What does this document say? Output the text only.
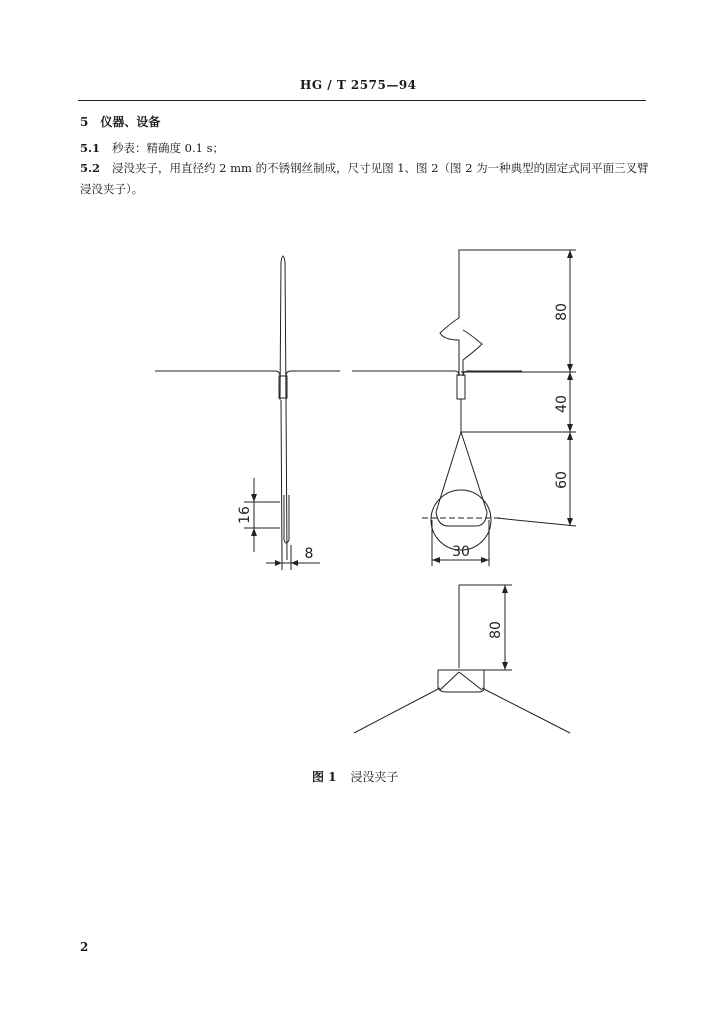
HG / T 2575—94
5 仪器、设备
5.1 秒表：精确度 0.1 s；
5.2 浸没夹子，用直径约 2 mm 的不锈钢丝制成，尺寸见图 1、图 2（图 2 为一种典型的固定式同平面三叉臂浸没夹子）。
16
8
80
40
60
30
80
图 1 浸没夹子
2
